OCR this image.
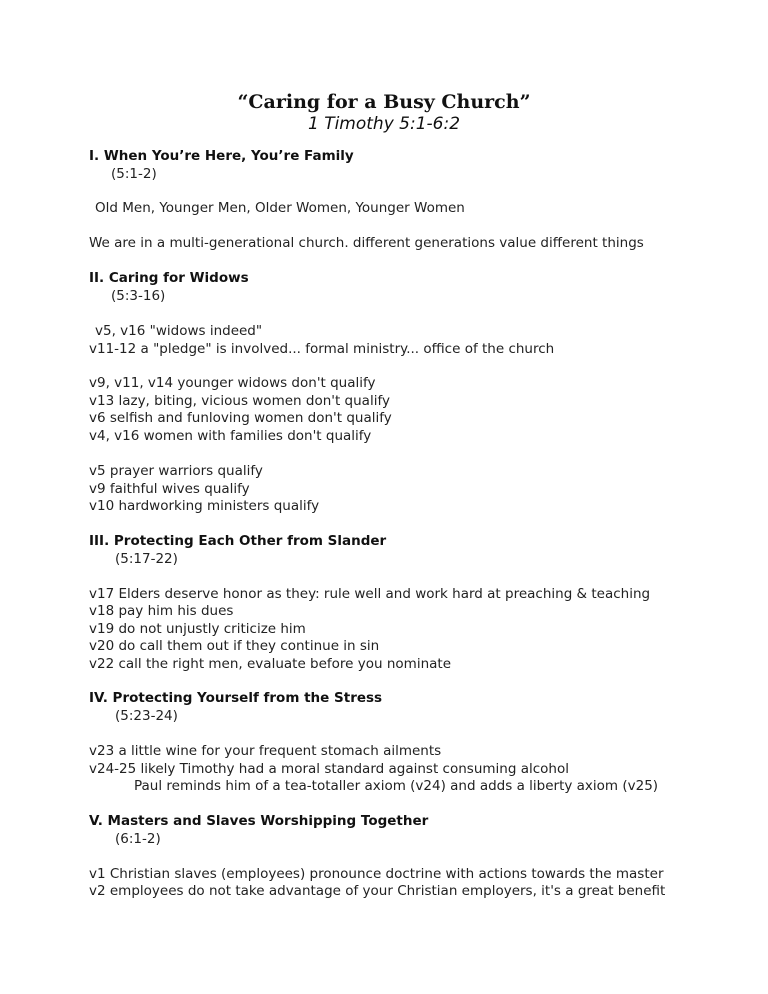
“Caring for a Busy Church”
1 Timothy 5:1-6:2
I. When You’re Here, You’re Family
(5:1-2)
Old Men, Younger Men, Older Women, Younger Women
We are in a multi-generational church. different generations value different things
II. Caring for Widows
(5:3-16)
v5, v16 "widows indeed"
v11-12 a "pledge" is involved... formal ministry... office of the church
v9, v11, v14 younger widows don't qualify
v13 lazy, biting, vicious women don't qualify
v6 selfish and funloving women don't qualify
v4, v16 women with families don't qualify
v5 prayer warriors qualify
v9 faithful wives qualify
v10 hardworking ministers qualify
III. Protecting Each Other from Slander
(5:17-22)
v17 Elders deserve honor as they: rule well and work hard at preaching & teaching
v18 pay him his dues
v19 do not unjustly criticize him
v20 do call them out if they continue in sin
v22 call the right men, evaluate before you nominate
IV. Protecting Yourself from the Stress
(5:23-24)
v23 a little wine for your frequent stomach ailments
v24-25 likely Timothy had a moral standard against consuming alcohol
Paul reminds him of a tea-totaller axiom (v24) and adds a liberty axiom (v25)
V. Masters and Slaves Worshipping Together
(6:1-2)
v1 Christian slaves (employees) pronounce doctrine with actions towards the master
v2 employees do not take advantage of your Christian employers, it's a great benefit
